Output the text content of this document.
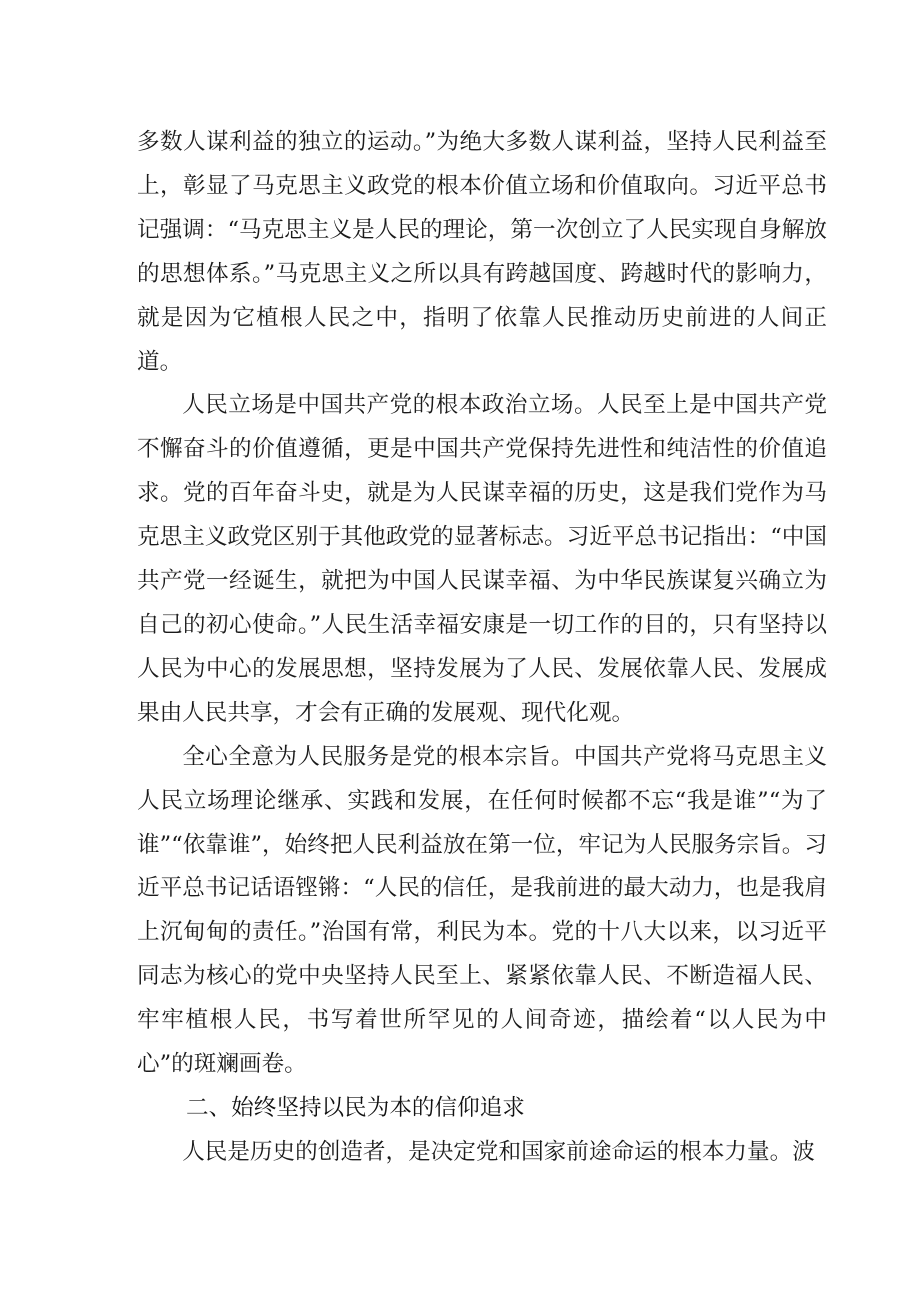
多数人谋利益的独立的运动。”为绝大多数人谋利益，坚持人民利益至上，彰显了马克思主义政党的根本价值立场和价值取向。习近平总书记强调：“马克思主义是人民的理论，第一次创立了人民实现自身解放的思想体系。”马克思主义之所以具有跨越国度、跨越时代的影响力，就是因为它植根人民之中，指明了依靠人民推动历史前进的人间正道。

人民立场是中国共产党的根本政治立场。人民至上是中国共产党不懈奋斗的价值遵循，更是中国共产党保持先进性和纯洁性的价值追求。党的百年奋斗史，就是为人民谋幸福的历史，这是我们党作为马克思主义政党区别于其他政党的显著标志。习近平总书记指出：“中国共产党一经诞生，就把为中国人民谋幸福、为中华民族谋复兴确立为自己的初心使命。”人民生活幸福安康是一切工作的目的，只有坚持以人民为中心的发展思想，坚持发展为了人民、发展依靠人民、发展成果由人民共享，才会有正确的发展观、现代化观。

全心全意为人民服务是党的根本宗旨。中国共产党将马克思主义人民立场理论继承、实践和发展，在任何时候都不忘“我是谁”“为了谁”“依靠谁”，始终把人民利益放在第一位，牢记为人民服务宗旨。习近平总书记话语铿锵：“人民的信任，是我前进的最大动力，也是我肩上沉甸甸的责任。”治国有常，利民为本。党的十八大以来，以习近平同志为核心的党中央坚持人民至上、紧紧依靠人民、不断造福人民、牢牢植根人民，书写着世所罕见的人间奇迹，描绘着“以人民为中心”的斑斓画卷。

二、始终坚持以民为本的信仰追求

人民是历史的创造者，是决定党和国家前途命运的根本力量。波
